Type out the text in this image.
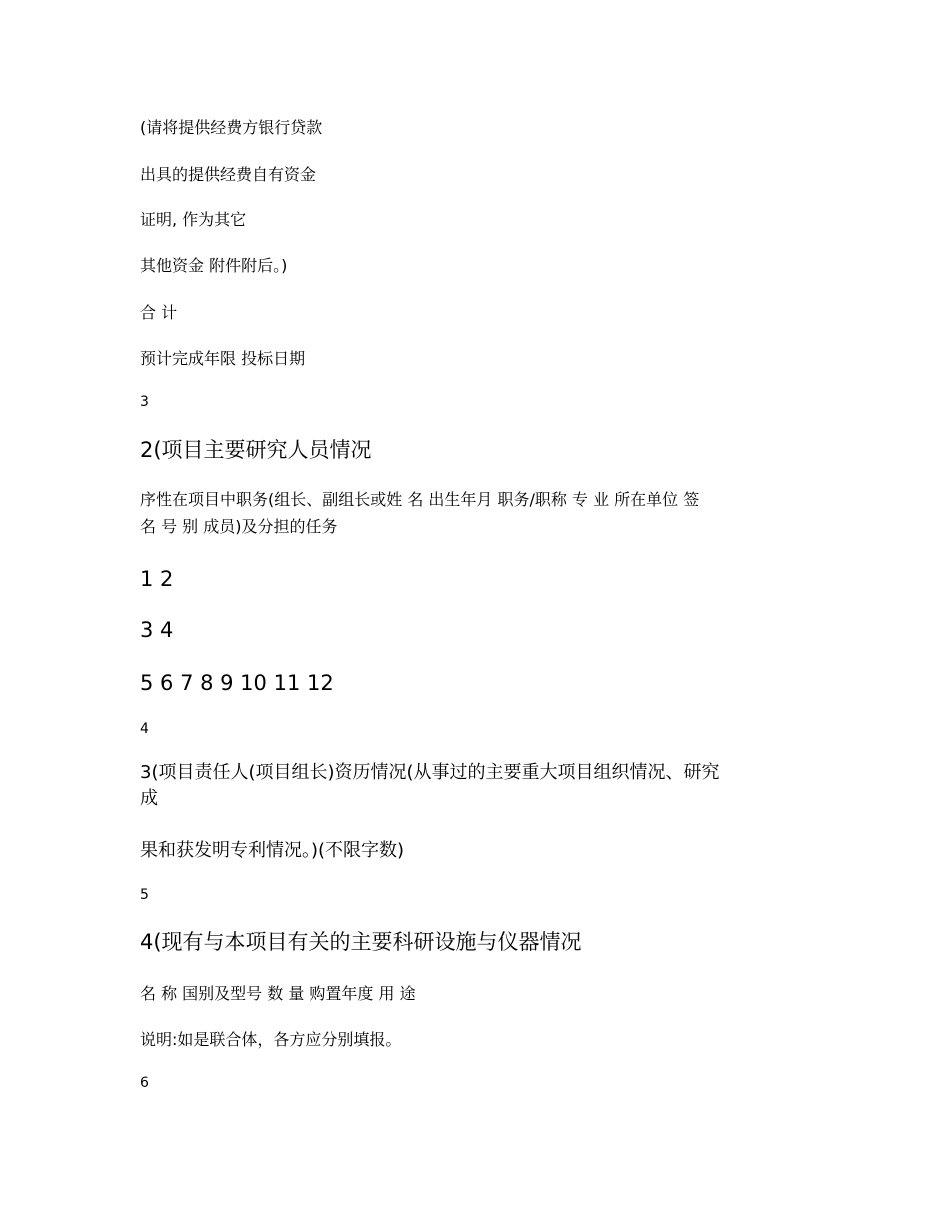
(请将提供经费方银行贷款
出具的提供经费自有资金
证明, 作为其它
其他资金 附件附后。)
合 计
预计完成年限 投标日期
3
2(项目主要研究人员情况
序性在项目中职务(组长、副组长或姓 名 出生年月 职务/职称 专 业 所在单位 签
名 号 别 成员)及分担的任务
1 2
3 4
5 6 7 8 9 10 11 12
4
3(项目责任人(项目组长)资历情况(从事过的主要重大项目组织情况、研究
成
果和获发明专利情况。)(不限字数)
5
4(现有与本项目有关的主要科研设施与仪器情况
名 称 国别及型号 数 量 购置年度 用 途
说明:如是联合体，各方应分别填报。
6
